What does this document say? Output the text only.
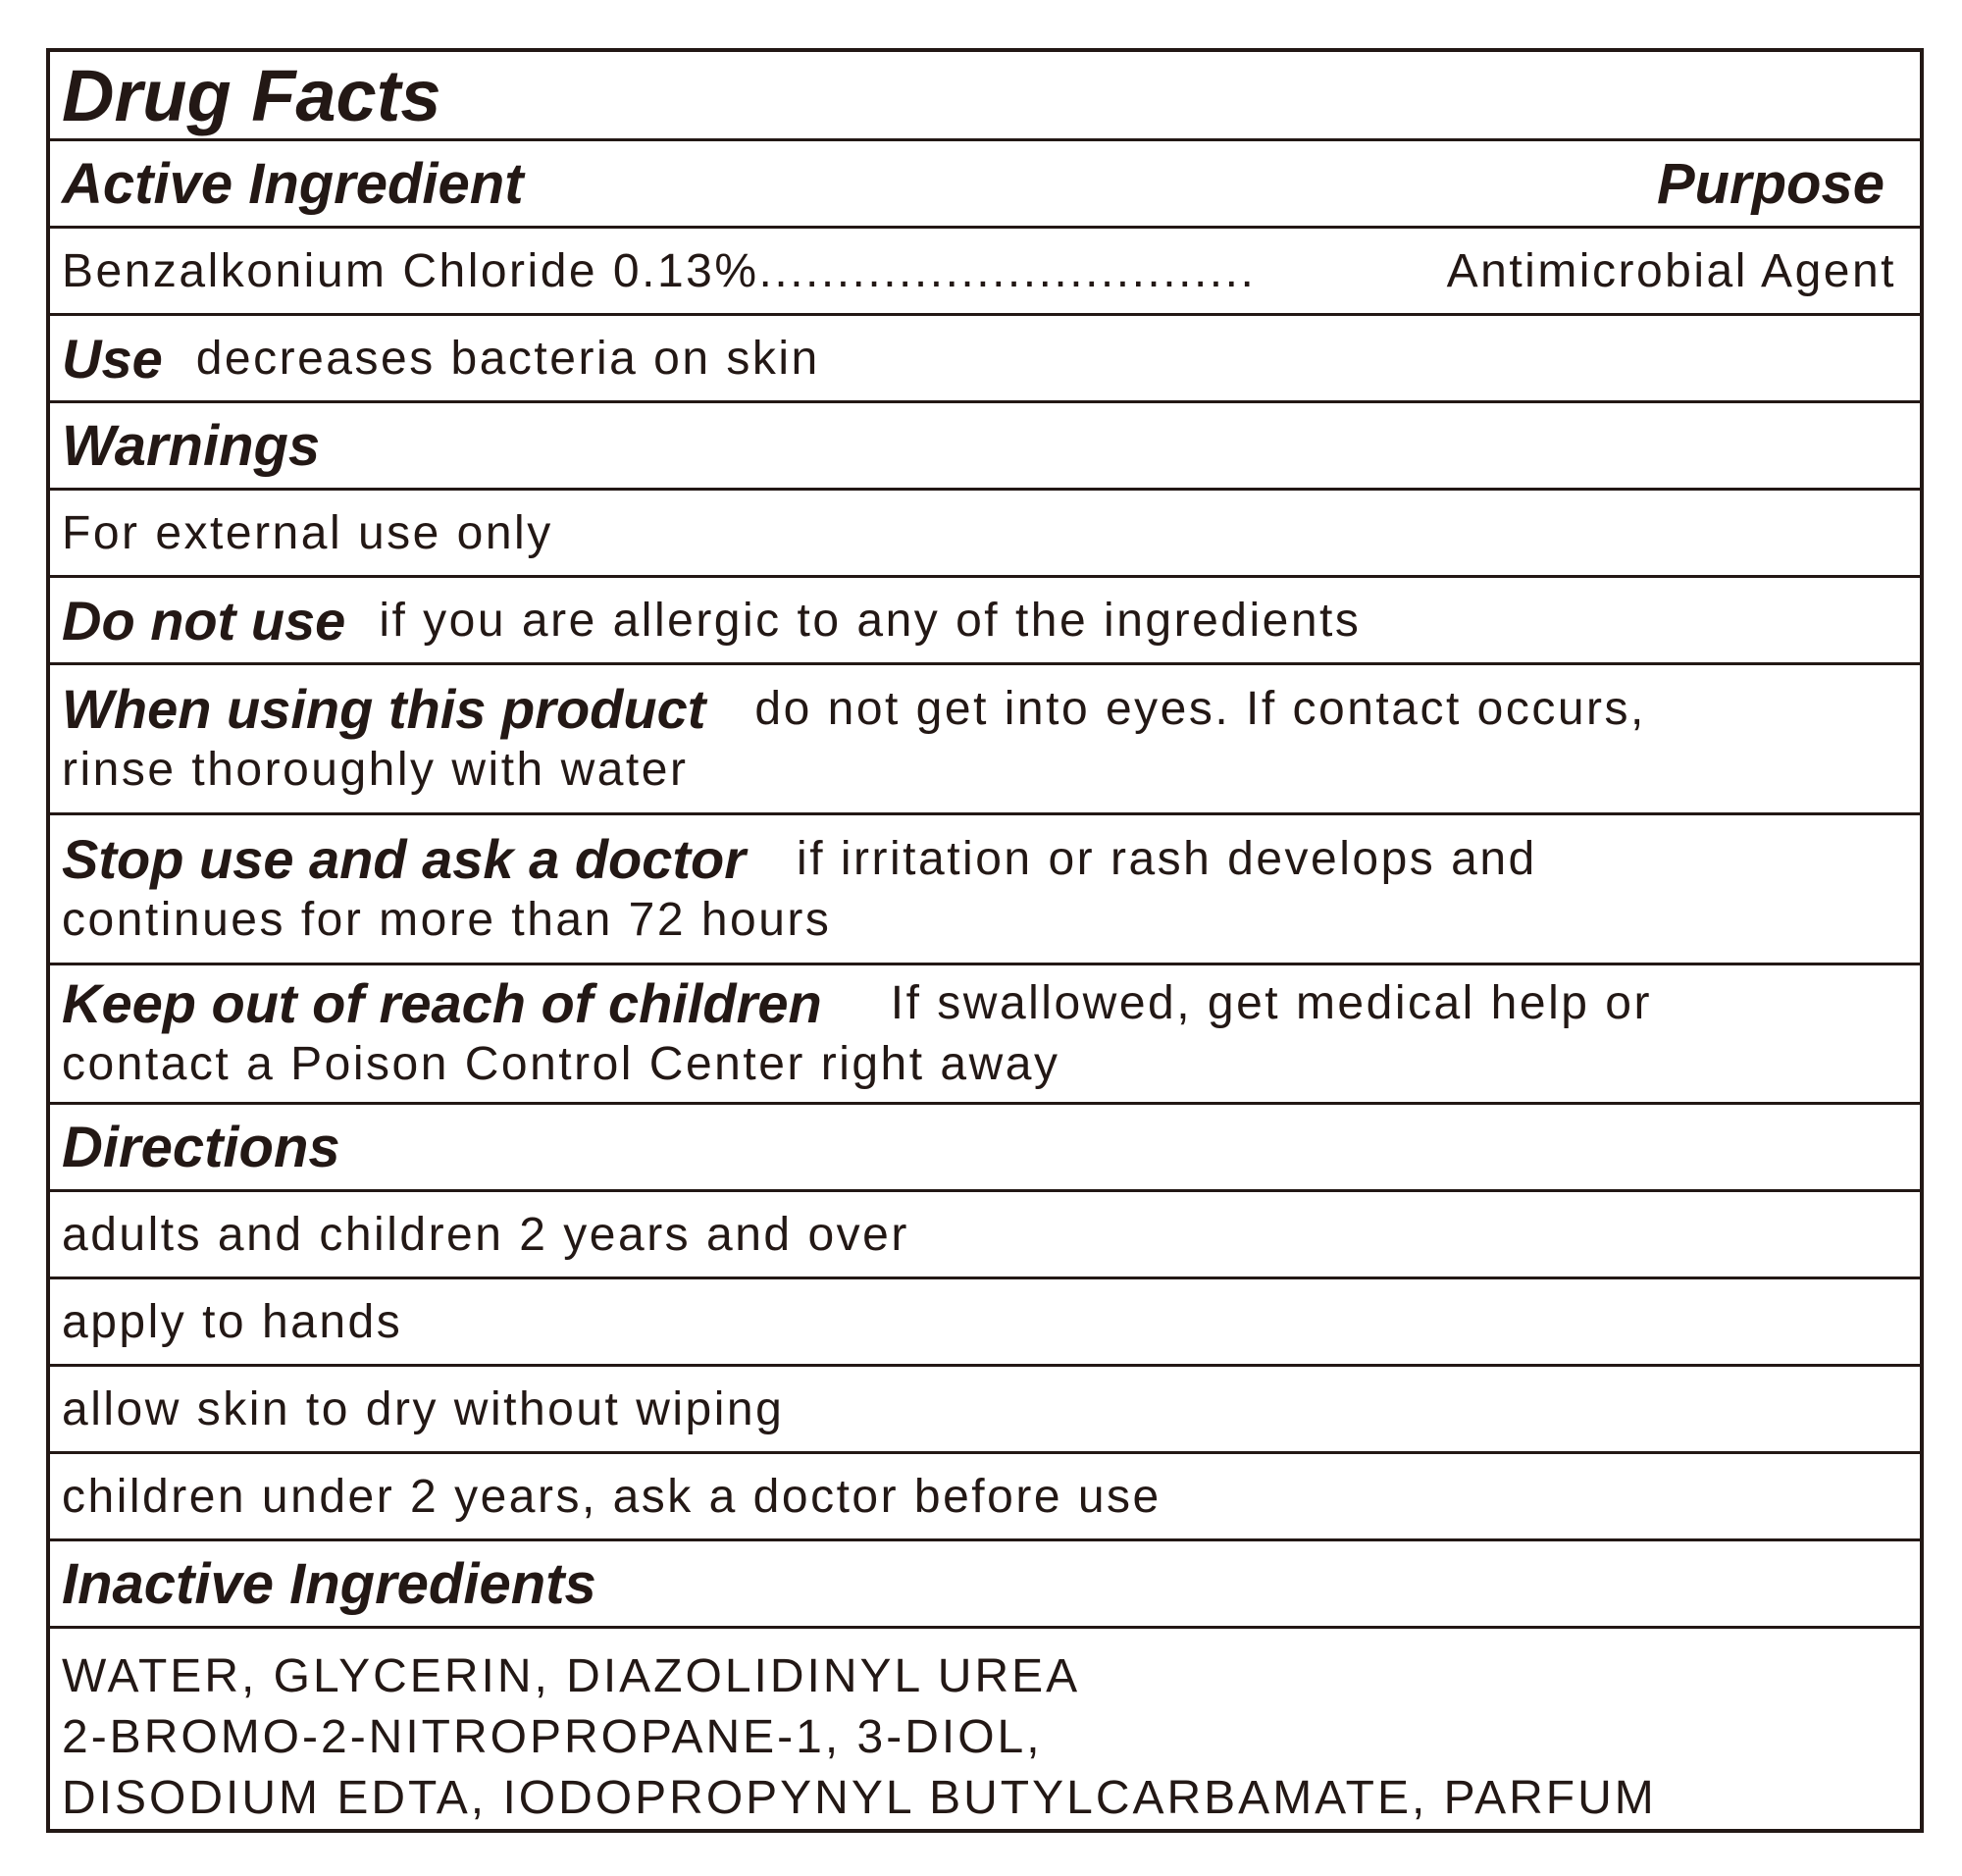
Drug Facts
Active Ingredient	Purpose
Benzalkonium Chloride 0.13%................................	Antimicrobial Agent
Use decreases bacteria on skin
Warnings
For external use only
Do not use if you are allergic to any of the ingredients
When using this product do not get into eyes. If contact occurs,
rinse thoroughly with water
Stop use and ask a doctor if irritation or rash develops and
continues for more than 72 hours
Keep out of reach of children If swallowed, get medical help or
contact a Poison Control Center right away
Directions
adults and children 2 years and over
apply to hands
allow skin to dry without wiping
children under 2 years, ask a doctor before use
Inactive Ingredients
WATER, GLYCERIN, DIAZOLIDINYL UREA
2-BROMO-2-NITROPROPANE-1, 3-DIOL,
DISODIUM EDTA, IODOPROPYNYL BUTYLCARBAMATE, PARFUM
